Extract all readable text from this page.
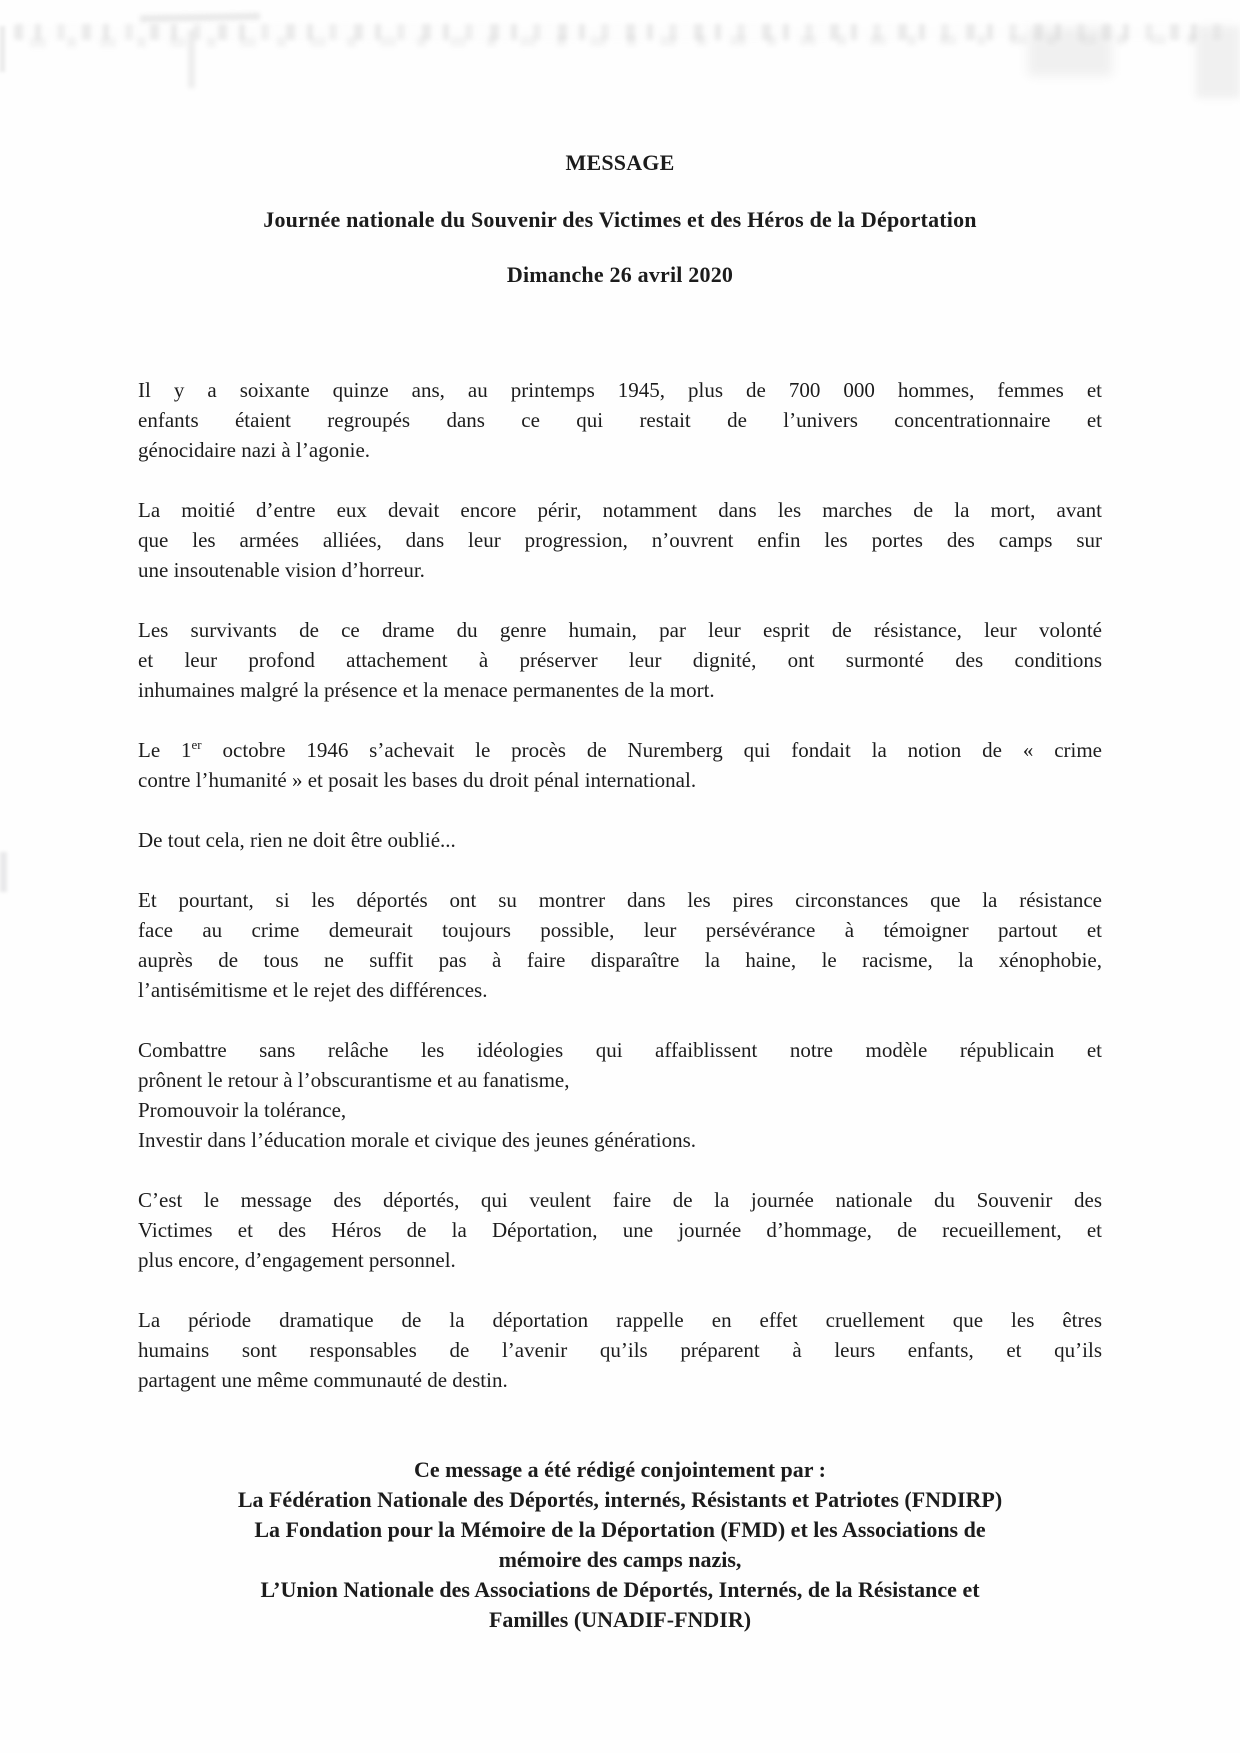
MESSAGE
Journée nationale du Souvenir des Victimes et des Héros de la Déportation
Dimanche 26 avril 2020
Il y a soixante quinze ans, au printemps 1945, plus de 700 000 hommes, femmes et
enfants étaient regroupés dans ce qui restait de l’univers concentrationnaire et
génocidaire nazi à l’agonie.
La moitié d’entre eux devait encore périr, notamment dans les marches de la mort, avant
que les armées alliées, dans leur progression, n’ouvrent enfin les portes des camps sur
une insoutenable vision d’horreur.
Les survivants de ce drame du genre humain, par leur esprit de résistance, leur volonté
et leur profond attachement à préserver leur dignité, ont surmonté des conditions
inhumaines malgré la présence et la menace permanentes de la mort.
Le 1er octobre 1946 s’achevait le procès de Nuremberg qui fondait la notion de « crime
contre l’humanité » et posait les bases du droit pénal international.
De tout cela, rien ne doit être oublié...
Et pourtant, si les déportés ont su montrer dans les pires circonstances que la résistance
face au crime demeurait toujours possible, leur persévérance à témoigner partout et
auprès de tous ne suffit pas à faire disparaître la haine, le racisme, la xénophobie,
l’antisémitisme et le rejet des différences.
Combattre sans relâche les idéologies qui affaiblissent notre modèle républicain et
prônent le retour à l’obscurantisme et au fanatisme,
Promouvoir la tolérance,
Investir dans l’éducation morale et civique des jeunes générations.
C’est le message des déportés, qui veulent faire de la journée nationale du Souvenir des
Victimes et des Héros de la Déportation, une journée d’hommage, de recueillement, et
plus encore, d’engagement personnel.
La période dramatique de la déportation rappelle en effet cruellement que les êtres
humains sont responsables de l’avenir qu’ils préparent à leurs enfants, et qu’ils
partagent une même communauté de destin.
Ce message a été rédigé conjointement par :
La Fédération Nationale des Déportés, internés, Résistants et Patriotes (FNDIRP)
La Fondation pour la Mémoire de la Déportation (FMD) et les Associations de
mémoire des camps nazis,
L’Union Nationale des Associations de Déportés, Internés, de la Résistance et
Familles (UNADIF-FNDIR)
